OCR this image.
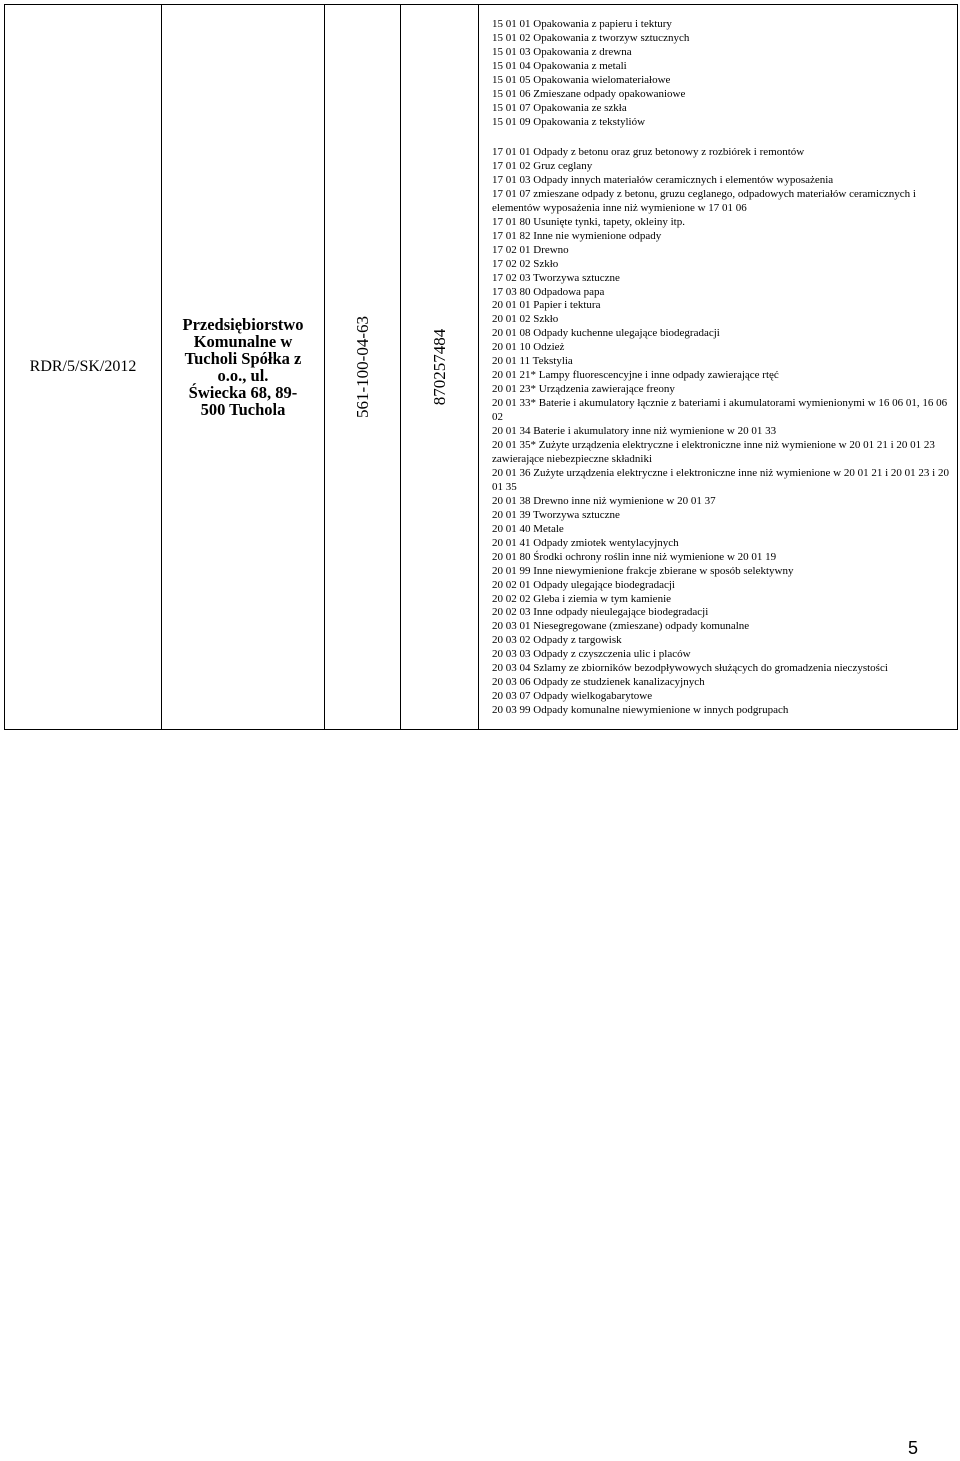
RDR/5/SK/2012
Przedsiębiorstwo
Komunalne w
Tucholi Spółka z
o.o., ul.
Świecka 68, 89-
500 Tuchola	561-100-04-63	870257484
15 01 01 Opakowania z papieru i tektury
15 01 02 Opakowania z tworzyw sztucznych
15 01 03 Opakowania z drewna
15 01 04 Opakowania z metali
15 01 05 Opakowania wielomateriałowe
15 01 06 Zmieszane odpady opakowaniowe
15 01 07 Opakowania ze szkła
15 01 09 Opakowania z tekstyliów
17 01 01 Odpady z betonu oraz gruz betonowy z rozbiórek i remontów
17 01 02 Gruz ceglany
17 01 03 Odpady innych materiałów ceramicznych i elementów wyposażenia
17 01 07 zmieszane odpady z betonu, gruzu ceglanego, odpadowych materiałów ceramicznych i elementów wyposażenia inne niż wymienione w 17 01 06
17 01 80 Usunięte tynki, tapety, okleiny itp.
17 01 82 Inne nie wymienione odpady
17 02 01 Drewno
17 02 02 Szkło
17 02 03 Tworzywa sztuczne
17 03 80 Odpadowa papa
20 01 01 Papier i tektura
20 01 02 Szkło
20 01 08 Odpady kuchenne ulegające biodegradacji
20 01 10 Odzież
20 01 11 Tekstylia
20 01 21* Lampy fluorescencyjne i inne odpady zawierające rtęć
20 01 23* Urządzenia zawierające freony
20 01 33* Baterie i akumulatory łącznie z bateriami i akumulatorami wymienionymi w 16 06 01, 16 06 02
20 01 34 Baterie i akumulatory inne niż wymienione w 20 01 33
20 01 35* Zużyte urządzenia elektryczne i elektroniczne inne niż wymienione w 20 01 21 i 20 01 23 zawierające niebezpieczne składniki
20 01 36 Zużyte urządzenia elektryczne i elektroniczne inne niż wymienione w 20 01 21 i 20 01 23 i 20 01 35
20 01 38 Drewno inne niż wymienione w 20 01 37
20 01 39 Tworzywa sztuczne
20 01 40 Metale
20 01 41 Odpady zmiotek wentylacyjnych
20 01 80 Środki ochrony roślin inne niż wymienione w 20 01 19
20 01 99 Inne niewymienione frakcje zbierane w sposób selektywny
20 02 01 Odpady ulegające biodegradacji
20 02 02 Gleba i ziemia w tym kamienie
20 02 03 Inne odpady nieulegające biodegradacji
20 03 01 Niesegregowane (zmieszane) odpady komunalne
20 03 02 Odpady z targowisk
20 03 03 Odpady z czyszczenia ulic i placów
20 03 04 Szlamy ze zbiorników bezodpływowych służących do gromadzenia nieczystości
20 03 06 Odpady ze studzienek kanalizacyjnych
20 03 07 Odpady wielkogabarytowe
20 03 99 Odpady komunalne niewymienione w innych podgrupach
5
